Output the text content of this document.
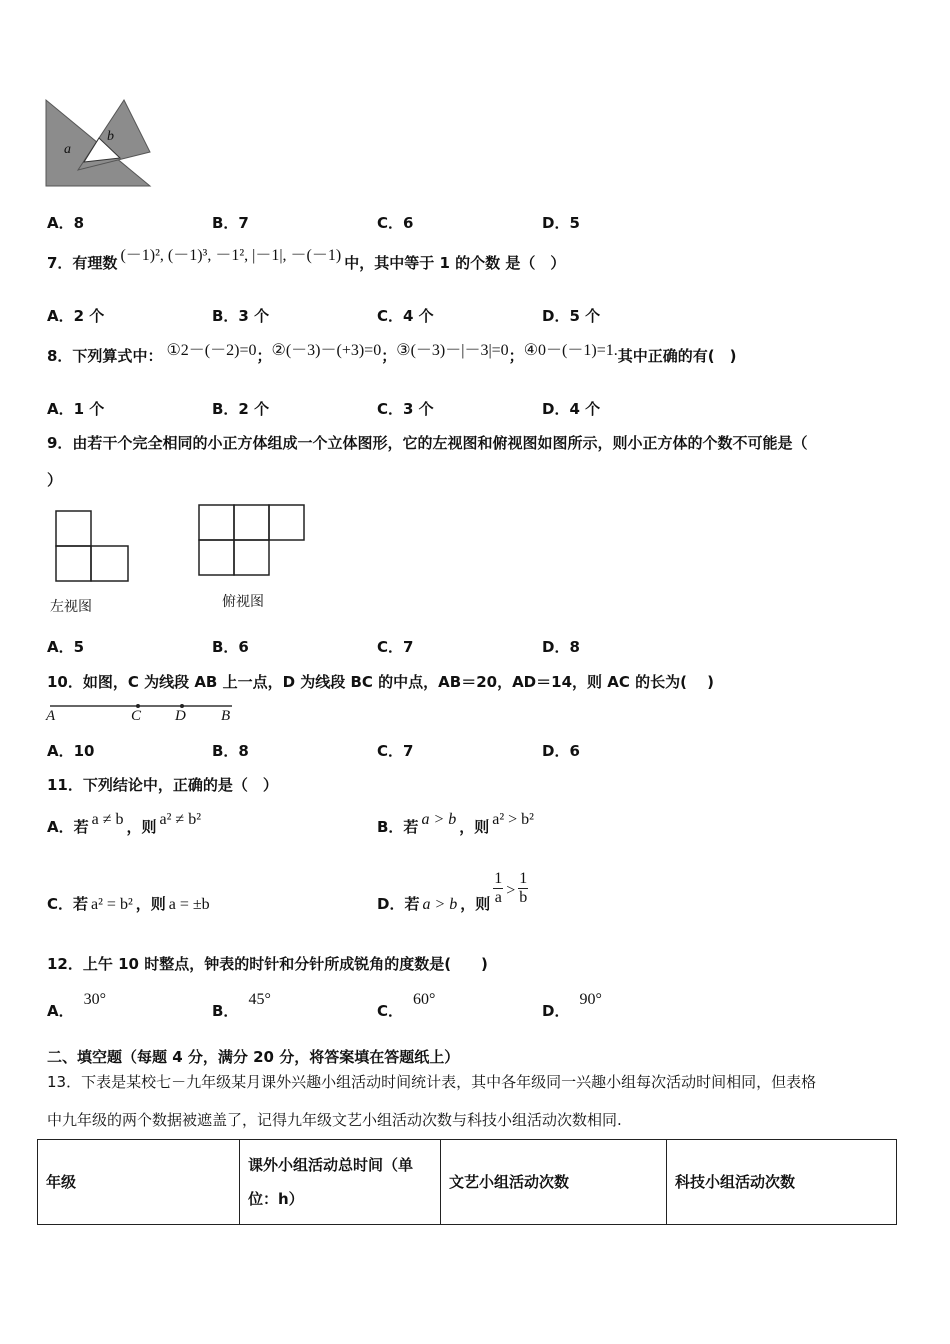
a
b
A．8	B．7	C．6	D．5
7．有理数 (－1)², (－1)³, －1², |－1|, －(－1) 中，其中等于 1 的个数 是（　）
A．2 个	B．3 个	C．4 个	D．5 个
8．下列算式中： ①2－(－2)=0；②(－3)－(+3)=0；③(－3)－|－3|=0；④0－(－1)=1.其中正确的有(　)
A．1 个	B．2 个	C．3 个	D．4 个
9．由若干个完全相同的小正方体组成一个立体图形，它的左视图和俯视图如图所示，则小正方体的个数不可能是（
）
左视图	俯视图
A．5	B．6	C．7	D．8
10．如图，C 为线段 AB 上一点，D 为线段 BC 的中点，AB＝20，AD＝14，则 AC 的长为(　 )
A	C D B
A．10	B．8	C．7	D．6
11．下列结论中，正确的是（　）
A．若 a ≠ b ，则 a² ≠ b²	B．若 a > b ，则 a² > b²
C．若 a² = b² ，则 a = ±b	D．若 a > b ，则 $\frac{1}{a} > \frac{1}{b}$
12．上午 10 时整点，钟表的时针和分针所成锐角的度数是(　　)
A．30°
B．45°
C．60°
D．90°
二、填空题（每题 4 分，满分 20 分，将答案填在答题纸上）
13．下表是某校七－九年级某月课外兴趣小组活动时间统计表，其中各年级同一兴趣小组每次活动时间相同，但表格
中九年级的两个数据被遮盖了，记得九年级文艺小组活动次数与科技小组活动次数相同.
年级	课外小组活动总时间（单
位：h）	文艺小组活动次数	科技小组活动次数
